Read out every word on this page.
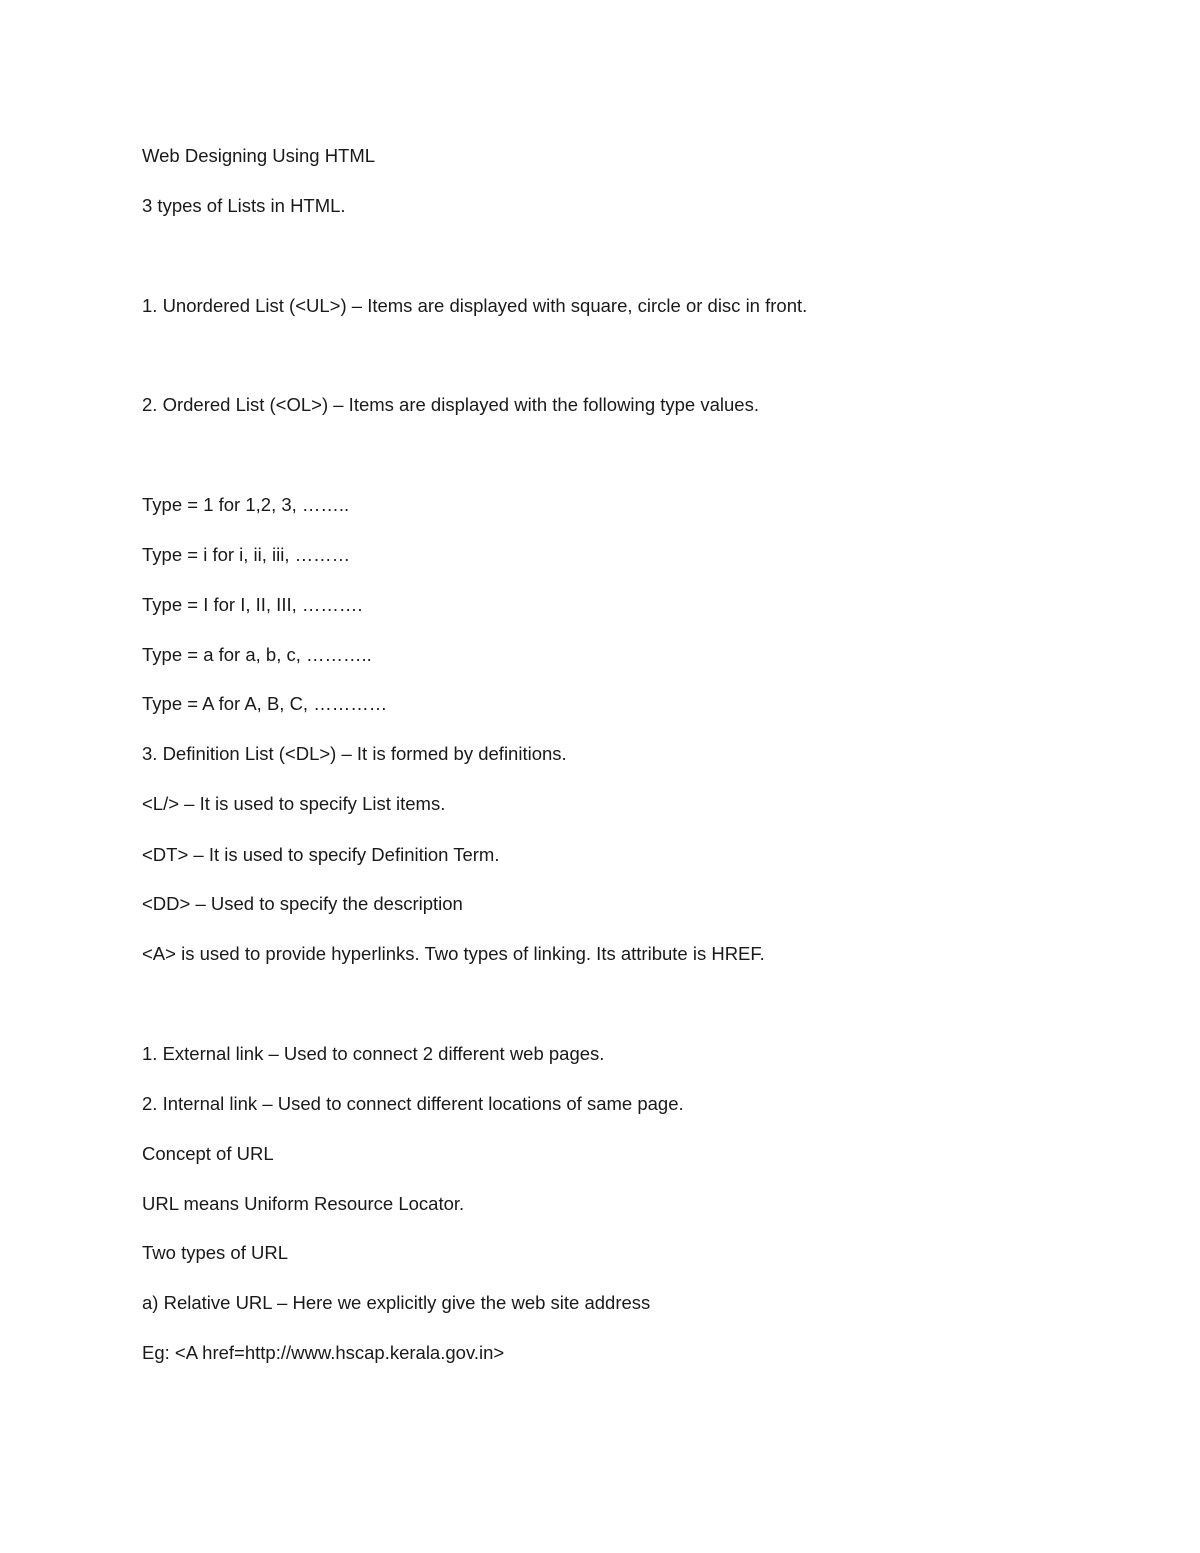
Web Designing Using HTML

3 types of Lists in HTML.

1. Unordered List (<UL>) – Items are displayed with square, circle or disc in front.

2. Ordered List (<OL>) – Items are displayed with the following type values.

Type = 1 for 1,2, 3, ……..

Type = i for i, ii, iii, ………

Type = I for I, II, III, ……….

Type = a for a, b, c, ………..

Type = A for A, B, C, …………

3. Definition List (<DL>) – It is formed by definitions.

<L/> – It is used to specify List items.

<DT> – It is used to specify Definition Term.

<DD> – Used to specify the description

<A> is used to provide hyperlinks. Two types of linking. Its attribute is HREF.

1. External link – Used to connect 2 different web pages.

2. Internal link – Used to connect different locations of same page.

Concept of URL

URL means Uniform Resource Locator.

Two types of URL

a) Relative URL – Here we explicitly give the web site address

Eg: <A href=http://www.hscap.kerala.gov.in>
